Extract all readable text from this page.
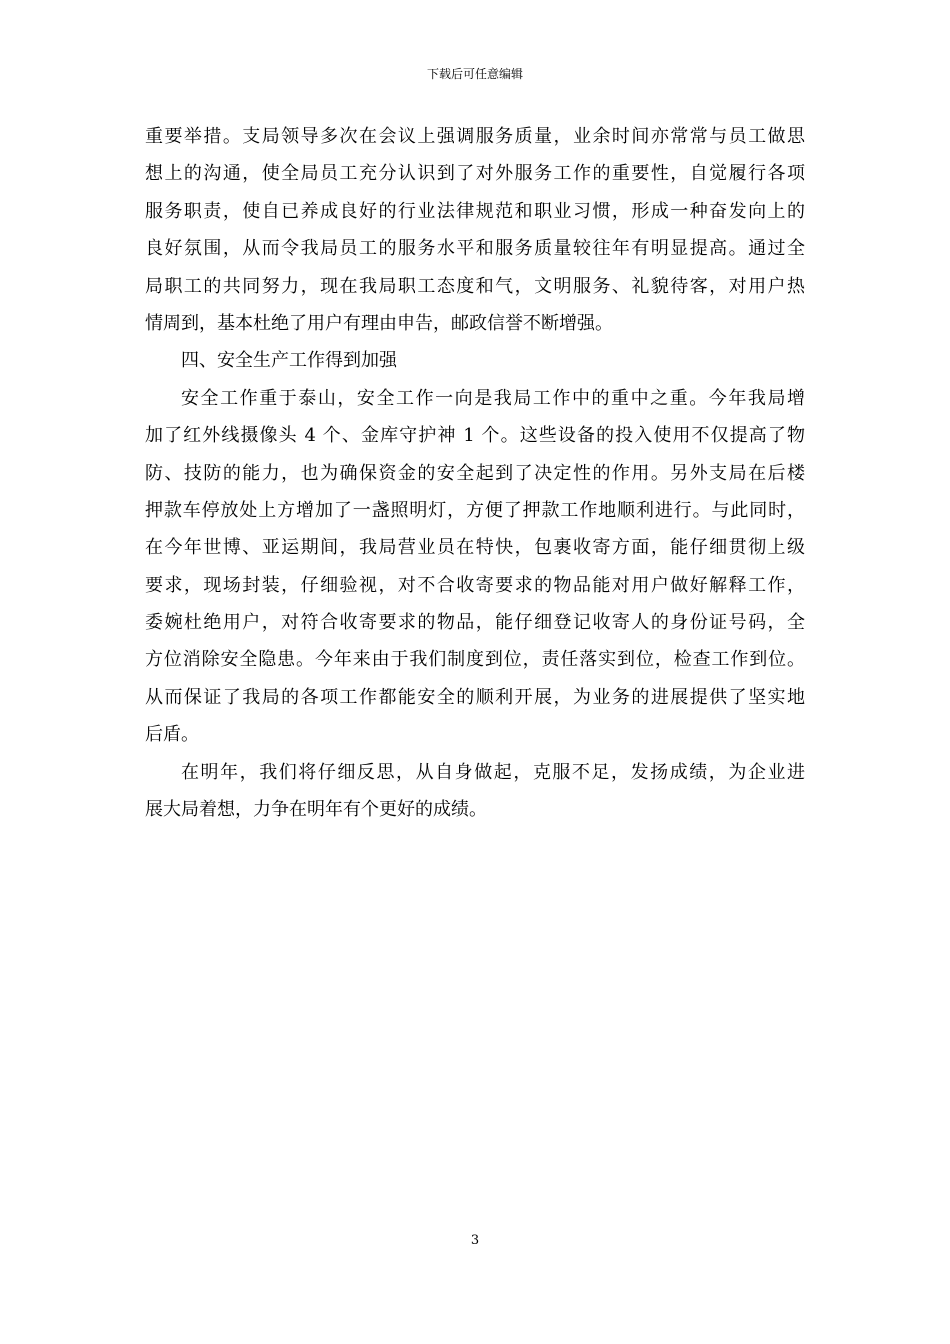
下载后可任意编辑
重要举措。支局领导多次在会议上强调服务质量，业余时间亦常常与员工做思
想上的沟通，使全局员工充分认识到了对外服务工作的重要性，自觉履行各项
服务职责，使自已养成良好的行业法律规范和职业习惯，形成一种奋发向上的
良好氛围，从而令我局员工的服务水平和服务质量较往年有明显提高。通过全
局职工的共同努力，现在我局职工态度和气，文明服务、礼貌待客，对用户热
情周到，基本杜绝了用户有理由申告，邮政信誉不断增强。
四、安全生产工作得到加强
安全工作重于泰山，安全工作一向是我局工作中的重中之重。今年我局增
加了红外线摄像头 4 个、金库守护神 1 个。这些设备的投入使用不仅提高了物
防、技防的能力，也为确保资金的安全起到了决定性的作用。另外支局在后楼
押款车停放处上方增加了一盏照明灯，方便了押款工作地顺利进行。与此同时，
在今年世博、亚运期间，我局营业员在特快，包裹收寄方面，能仔细贯彻上级
要求，现场封装，仔细验视，对不合收寄要求的物品能对用户做好解释工作，
委婉杜绝用户，对符合收寄要求的物品，能仔细登记收寄人的身份证号码，全
方位消除安全隐患。今年来由于我们制度到位，责任落实到位，检查工作到位。
从而保证了我局的各项工作都能安全的顺利开展，为业务的进展提供了坚实地
后盾。
在明年，我们将仔细反思，从自身做起，克服不足，发扬成绩，为企业进
展大局着想，力争在明年有个更好的成绩。
3
